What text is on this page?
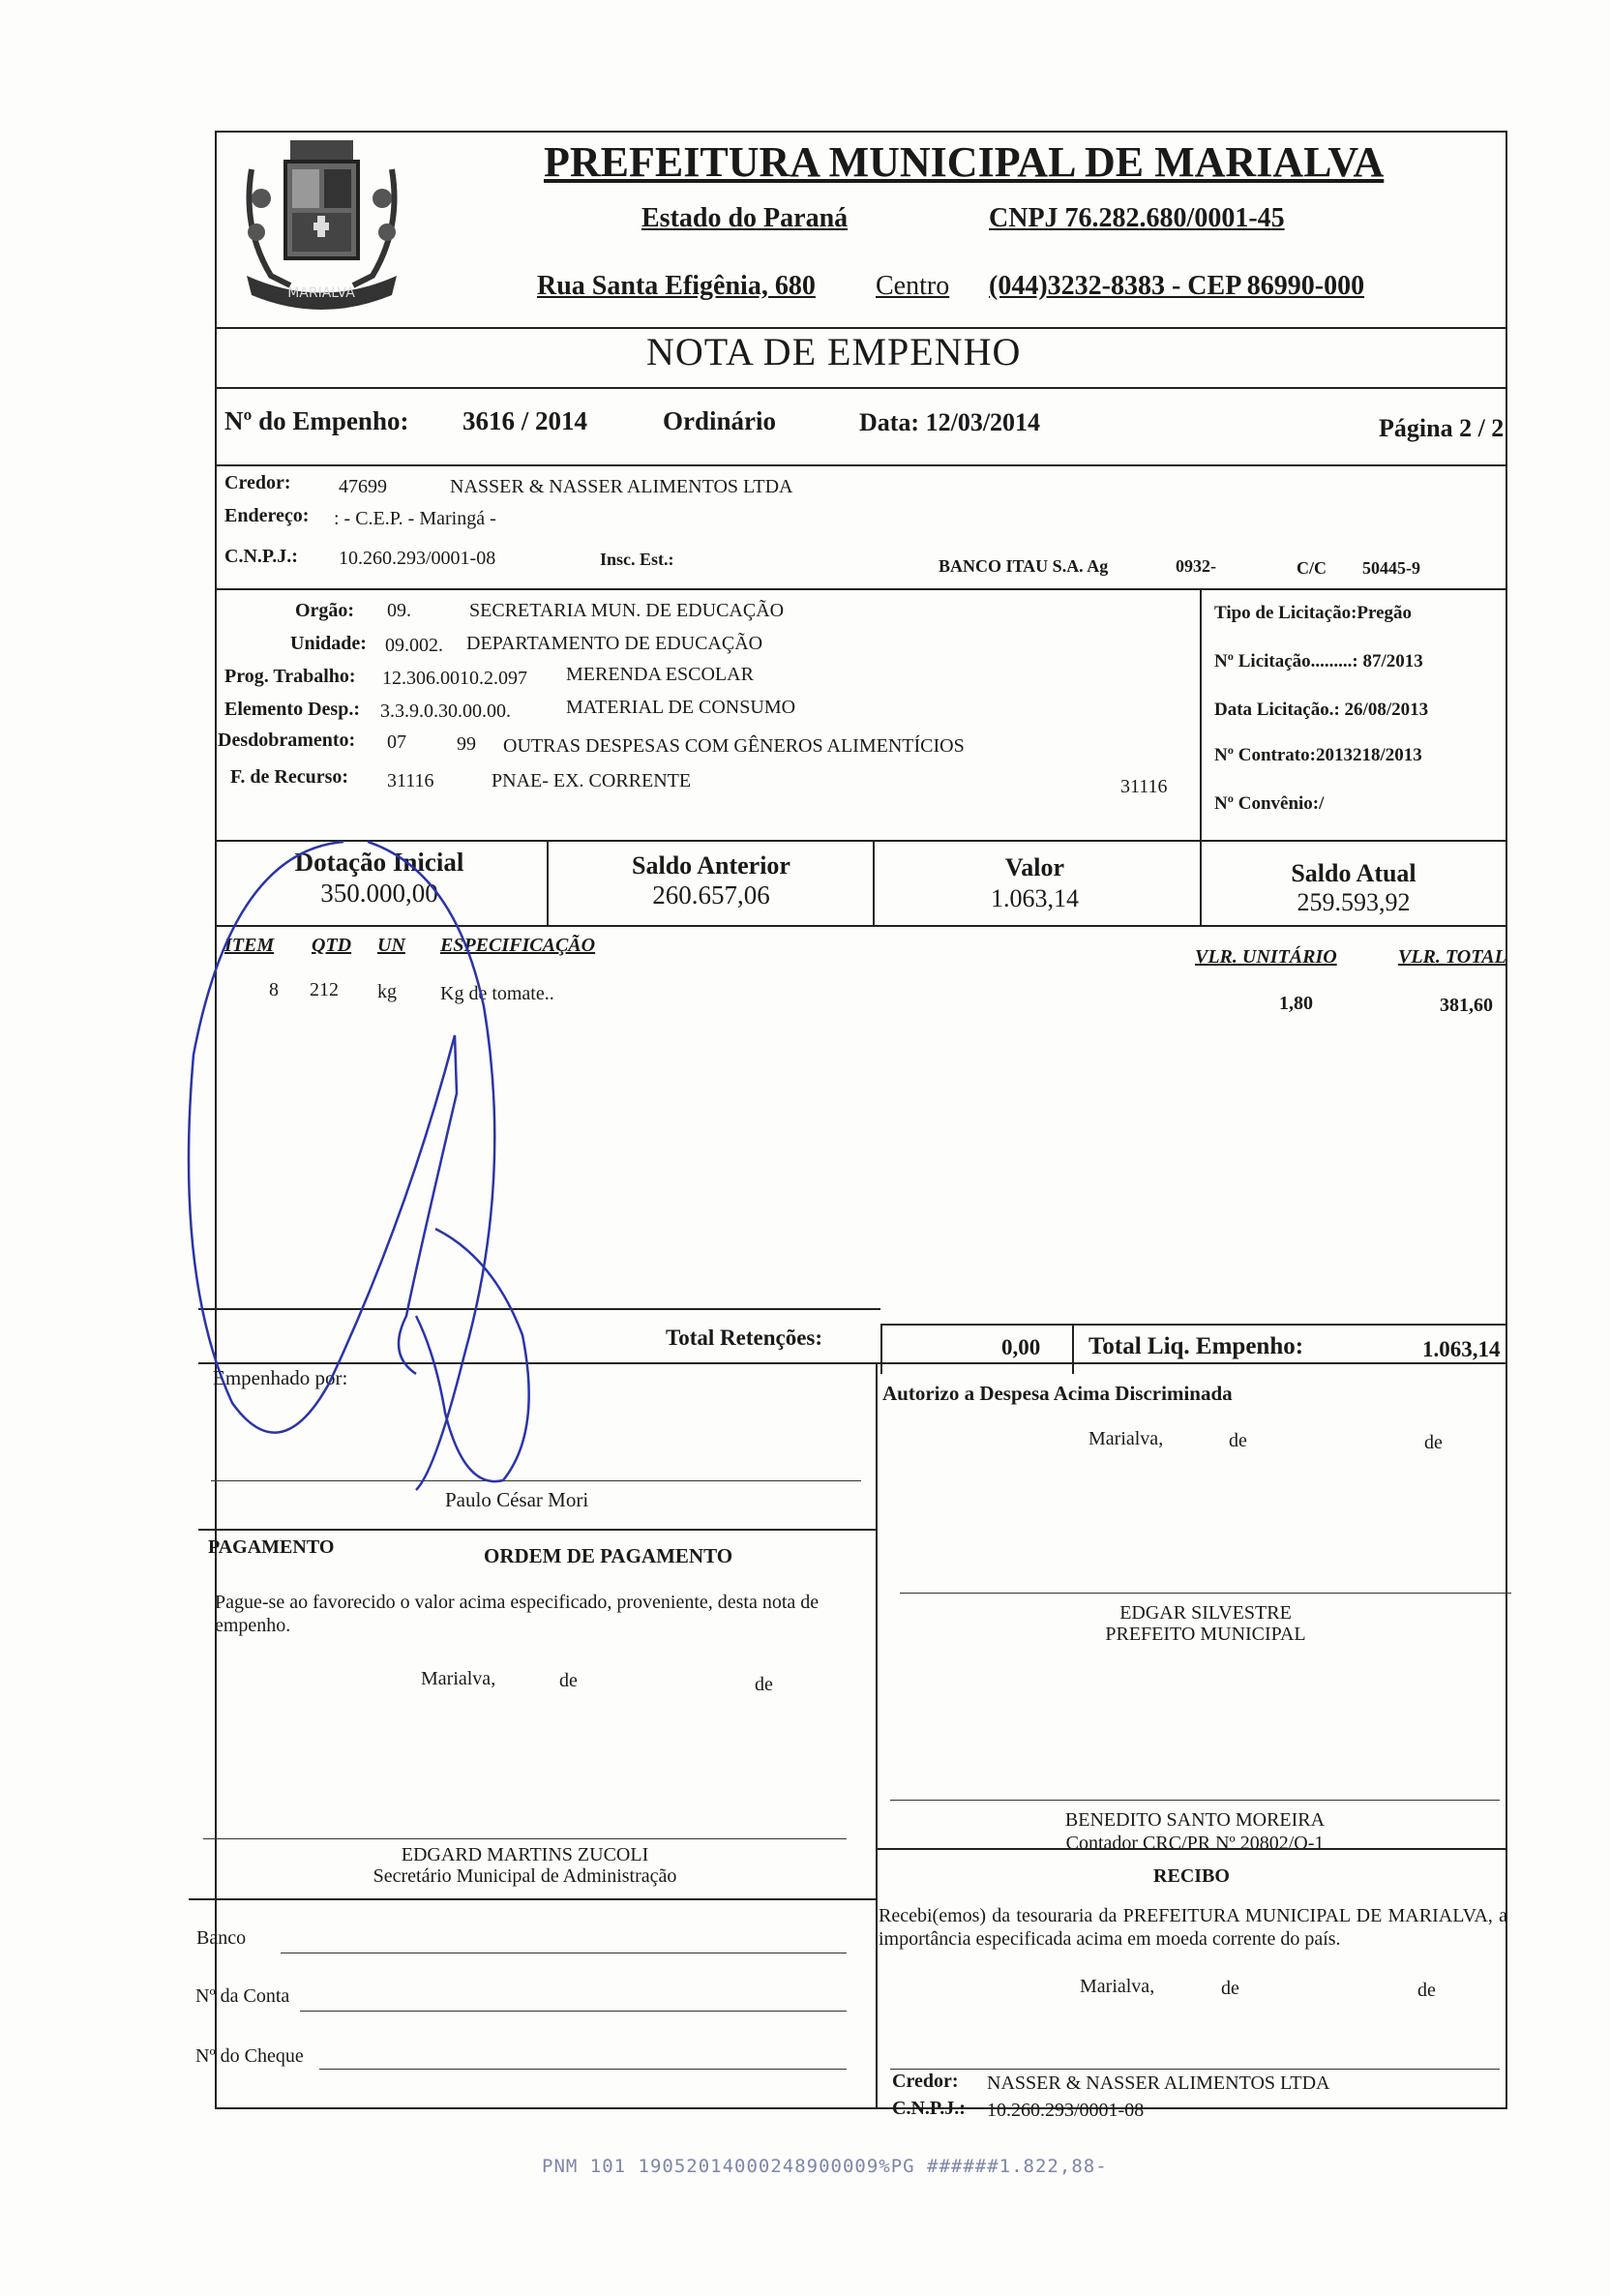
MARIALVA
PREFEITURA MUNICIPAL DE MARIALVA
Estado do Paraná	CNPJ 76.282.680/0001-45
Rua Santa Efigênia, 680 Centro (044)3232-8383 - CEP 86990-000
NOTA DE EMPENHO
Nº do Empenho: 3616 / 2014	Ordinário	Data: 12/03/2014	Página 2 / 2
Credor: 47699	NASSER & NASSER ALIMENTOS LTDA
Endereço: : - C.E.P. - Maringá -
C.N.P.J.: 10.260.293/0001-08	Insc. Est.:	BANCO ITAU S.A. Ag	0932-	C/C 50445-9
Orgão: 09.	SECRETARIA MUN. DE EDUCAÇÃO
Unidade: 09.002. DEPARTAMENTO DE EDUCAÇÃO
Prog. Trabalho: 12.306.0010.2.097 MERENDA ESCOLAR
Elemento Desp.: 3.3.9.0.30.00.00.	MATERIAL DE CONSUMO
Desdobramento: 07	99 OUTRAS DESPESAS COM GÊNEROS ALIMENTÍCIOS
F. de Recurso: 31116	PNAE- EX. CORRENTE	31116
Tipo de Licitação:Pregão
Nº Licitação.........: 87/2013
Data Licitação.: 26/08/2013
Nº Contrato:2013218/2013
Nº Convênio:/
Dotação Inicial
350.000,00
Saldo Anterior
260.657,06
Valor
1.063,14
Saldo Atual
259.593,92
ITEM QTD UN ESPECIFICAÇÃO
VLR. UNITÁRIO	VLR. TOTAL
8 212 kg Kg de tomate..	1,80	381,60
Total Retenções:	0,00 Total Liq. Empenho:	1.063,14
Empenhado por:
Paulo César Mori
Autorizo a Despesa Acima Discriminada
Marialva,	de	de
EDGAR SILVESTRE
PREFEITO MUNICIPAL
BENEDITO SANTO MOREIRA
Contador CRC/PR Nº 20802/O-1
PAGAMENTO	ORDEM DE PAGAMENTO
Pague-se ao favorecido o valor acima especificado, proveniente, desta nota de empenho.
Marialva,	de	de
EDGARD MARTINS ZUCOLI
Secretário Municipal de Administração
Banco
Nº da Conta
Nº do Cheque
RECIBO
Recebi(emos) da tesouraria da PREFEITURA MUNICIPAL DE MARIALVA, a importância especificada acima em moeda corrente do país.
Marialva,	de	de
Credor: NASSER & NASSER ALIMENTOS LTDA
C.N.P.J.: 10.260.293/0001-08
PNM 101 19052014000248900009%PG ######1.822,88-
